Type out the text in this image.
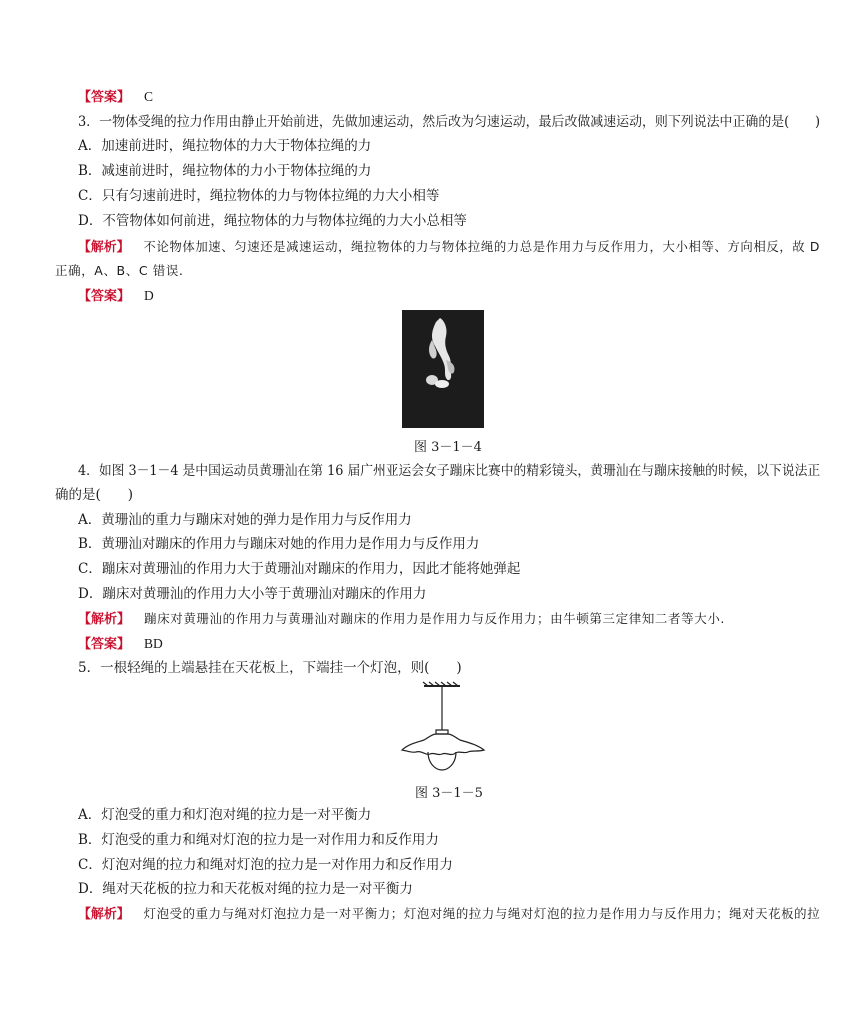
【答案】 C
3．一物体受绳的拉力作用由静止开始前进，先做加速运动，然后改为匀速运动，最后改做减速运动，则下列说法中正确的是(　　)
A．加速前进时，绳拉物体的力大于物体拉绳的力
B．减速前进时，绳拉物体的力小于物体拉绳的力
C．只有匀速前进时，绳拉物体的力与物体拉绳的力大小相等
D．不管物体如何前进，绳拉物体的力与物体拉绳的力大小总相等
【解析】 不论物体加速、匀速还是减速运动，绳拉物体的力与物体拉绳的力总是作用力与反作用力，大小相等、方向相反，故 D
正确，A、B、C 错误.
【答案】 D
图 3－1－4
4．如图 3－1－4 是中国运动员黄珊汕在第 16 届广州亚运会女子蹦床比赛中的精彩镜头，黄珊汕在与蹦床接触的时候，以下说法正
确的是(　　)
A．黄珊汕的重力与蹦床对她的弹力是作用力与反作用力
B．黄珊汕对蹦床的作用力与蹦床对她的作用力是作用力与反作用力
C．蹦床对黄珊汕的作用力大于黄珊汕对蹦床的作用力，因此才能将她弹起
D．蹦床对黄珊汕的作用力大小等于黄珊汕对蹦床的作用力
【解析】 蹦床对黄珊汕的作用力与黄珊汕对蹦床的作用力是作用力与反作用力；由牛顿第三定律知二者等大小.
【答案】 BD
5．一根轻绳的上端悬挂在天花板上，下端挂一个灯泡，则(　　)
图 3－1－5
A．灯泡受的重力和灯泡对绳的拉力是一对平衡力
B．灯泡受的重力和绳对灯泡的拉力是一对作用力和反作用力
C．灯泡对绳的拉力和绳对灯泡的拉力是一对作用力和反作用力
D．绳对天花板的拉力和天花板对绳的拉力是一对平衡力
【解析】 灯泡受的重力与绳对灯泡拉力是一对平衡力；灯泡对绳的拉力与绳对灯泡的拉力是作用力与反作用力；绳对天花板的拉
